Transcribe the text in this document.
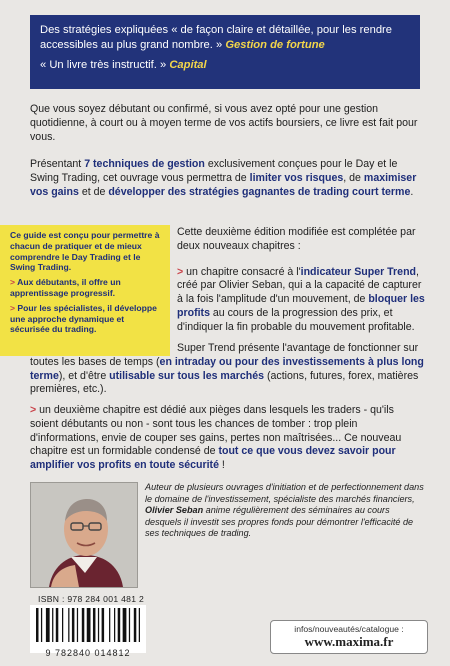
Des stratégies expliquées « de façon claire et détaillée, pour les rendre accessibles au plus grand nombre. » Gestion de fortune

« Un livre très instructif. » Capital

Que vous soyez débutant ou confirmé, si vous avez opté pour une gestion quotidienne, à court ou à moyen terme de vos actifs boursiers, ce livre est fait pour vous.
Présentant 7 techniques de gestion exclusivement conçues pour le Day et le Swing Trading, cet ouvrage vous permettra de limiter vos risques, de maximiser vos gains et de développer des stratégies gagnantes de trading court terme.

Ce guide est conçu pour permettre à chacun de pratiquer et de mieux comprendre le Day Trading et le Swing Trading.

> Aux débutants, il offre un apprentissage progressif.

> Pour les spécialistes, il développe une approche dynamique et sécurisée du trading.

Cette deuxième édition modifiée est complétée par deux nouveaux chapitres :

> un chapitre consacré à l'indicateur Super Trend, créé par Olivier Seban, qui a la capacité de capturer à la fois l'amplitude d'un mouvement, de bloquer les profits au cours de la progression des prix, et d'indiquer la fin probable du mouvement profitable.

Super Trend présente l'avantage de fonctionner sur toutes les bases de temps (en intraday ou pour des investissements à plus long terme), et d'être utilisable sur tous les marchés (actions, futures, forex, matières premières, etc.).
> un deuxième chapitre est dédié aux pièges dans lesquels les traders - qu'ils soient débutants ou non - sont tous les chances de tomber : trop plein d'informations, envie de couper ses gains, pertes non maîtrisées... Ce nouveau chapitre est un formidable condensé de tout ce que vous devez savoir pour amplifier vos profits en toute sécurité !
Auteur de plusieurs ouvrages d'initiation et de perfectionnement dans le domaine de l'investissement, spécialiste des marchés financiers, Olivier Seban anime régulièrement des séminaires au cours desquels il investit ses propres fonds pour démontrer l'efficacité de ses techniques de trading.
ISBN : 978 284 001 481 2
9 782840 014812
infos/nouveautés/catalogue :
www.maxima.fr
